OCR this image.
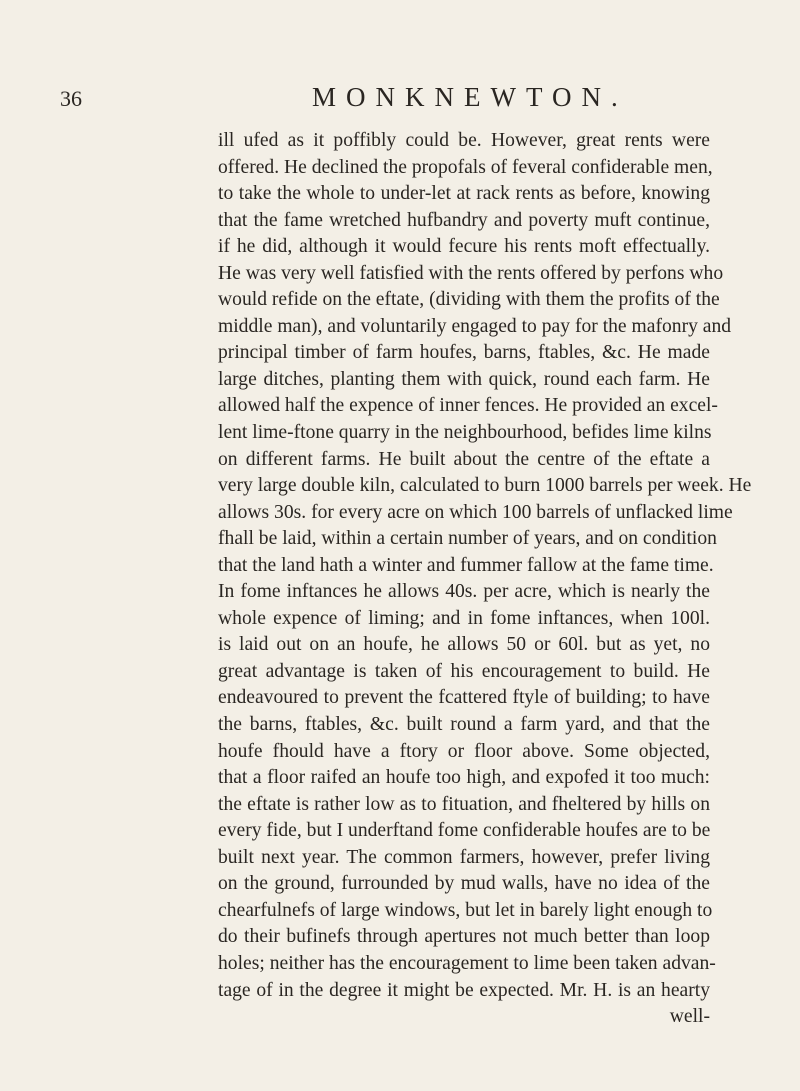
36	MONKNEWTON.
ill ufed as it poffibly could be. However, great rents were
offered. He declined the propofals of feveral confiderable men,
to take the whole to under-let at rack rents as before, knowing
that the fame wretched hufbandry and poverty muft continue,
if he did, although it would fecure his rents moft effectually.
He was very well fatisfied with the rents offered by perfons who
would refide on the eftate, (dividing with them the profits of the
middle man), and voluntarily engaged to pay for the mafonry and
principal timber of farm houfes, barns, ftables, &c. He made
large ditches, planting them with quick, round each farm. He
allowed half the expence of inner fences. He provided an excel-
lent lime-ftone quarry in the neighbourhood, befides lime kilns
on different farms. He built about the centre of the eftate a
very large double kiln, calculated to burn 1000 barrels per week. He
allows 30s. for every acre on which 100 barrels of unflacked lime
fhall be laid, within a certain number of years, and on condition
that the land hath a winter and fummer fallow at the fame time.
In fome inftances he allows 40s. per acre, which is nearly the
whole expence of liming; and in fome inftances, when 100l.
is laid out on an houfe, he allows 50 or 60l. but as yet, no
great advantage is taken of his encouragement to build. He
endeavoured to prevent the fcattered ftyle of building; to have
the barns, ftables, &c. built round a farm yard, and that the
houfe fhould have a ftory or floor above. Some objected,
that a floor raifed an houfe too high, and expofed it too much:
the eftate is rather low as to fituation, and fheltered by hills on
every fide, but I underftand fome confiderable houfes are to be
built next year. The common farmers, however, prefer living
on the ground, furrounded by mud walls, have no idea of the
chearfulnefs of large windows, but let in barely light enough to
do their bufinefs through apertures not much better than loop
holes; neither has the encouragement to lime been taken advan-
tage of in the degree it might be expected. Mr. H. is an hearty
well-
